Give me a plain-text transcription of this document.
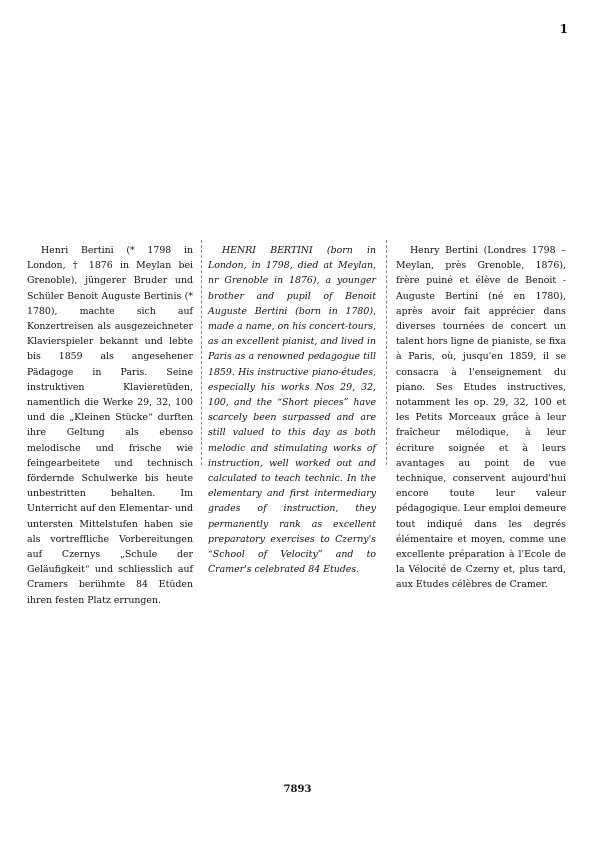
1
Henri Bertini (* 1798 in London, † 1876 in Meylan bei Grenoble), jüngerer Bruder und Schüler Benoit Auguste Bertinis (* 1780), machte sich auf Konzertreisen als ausgezeichneter Klavierspieler bekannt und lebte bis 1859 als angesehener Pädagoge in Paris. Seine instruktiven Klavieretüden, namentlich die Werke 29, 32, 100 und die „Kleinen Stücke“ durften ihre Geltung als ebenso melodische und frische wie feingearbeitete und technisch fördernde Schulwerke bis heute unbestritten behalten. Im Unterricht auf den Elementar- und untersten Mittelstufen haben sie als vortreffliche Vorbereitungen auf Czernys „Schule der Geläufigkeit“ und schliesslich auf Cramers berühmte 84 Etüden ihren festen Platz errungen.
HENRI BERTINI (born in London, in 1798, died at Meylan, nr Grenoble in 1876), a younger brother and pupil of Benoit Auguste Bertini (born in 1780), made a name, on his concert-tours, as an excellent pianist, and lived in Paris as a renowned pedagogue till 1859. His instructive piano-études, especially his works Nos 29, 32, 100, and the “Short pieces” have scarcely been surpassed and are still valued to this day as both melodic and stimulating works of instruction, well worked out and calculated to teach technic. In the elementary and first intermediary grades of instruction, they permanently rank as excellent preparatory exercises to Czerny's “School of Velocity” and to Cramer's celebrated 84 Etudes.
Henry Bertini (Londres 1798 – Meylan, près Grenoble, 1876), frère puiné et élève de Benoit - Auguste Bertini (né en 1780), après avoir fait apprécier dans diverses tournées de concert un talent hors ligne de pianiste, se fixa à Paris, où, jusqu'en 1859, il se consacra à l'enseignement du piano. Ses Etudes instructives, notamment les op. 29, 32, 100 et les Petits Morceaux grâce à leur fraîcheur mélodique, à leur écriture soignée et à leurs avantages au point de vue technique, conservent aujourd'hui encore toute leur valeur pédagogique. Leur emploi demeure tout indiqué dans les degrés élémentaire et moyen, comme une excellente préparation à l'Ecole de la Vélocité de Czerny et, plus tard, aux Etudes célèbres de Cramer.
7893
